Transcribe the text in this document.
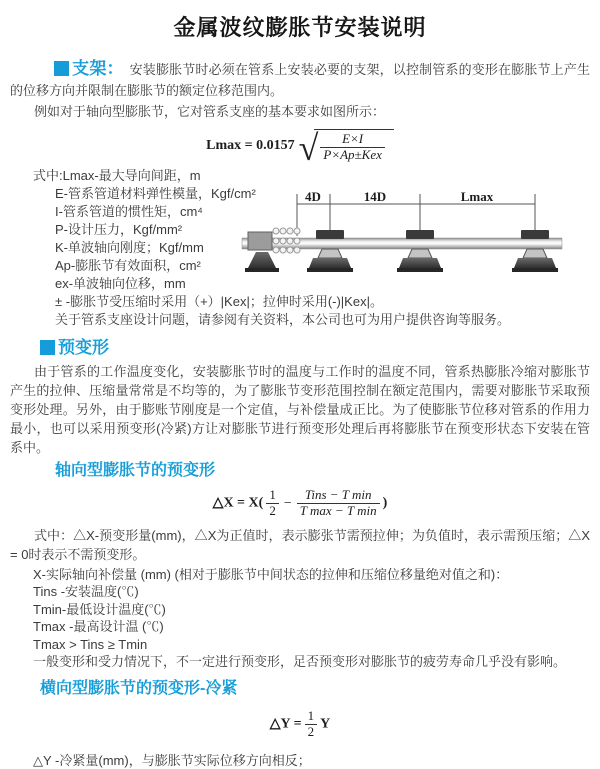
金属波纹膨胀节安装说明

支架： 安装膨胀节时必须在管系上安装必要的支架，以控制管系的变形在膨胀节上产生的位移方向并限制在膨胀节的额定位移范围内。

例如对于轴向型膨胀节，它对管系支座的基本要求如图所示：

Lmax = 0.0157 √ $\frac{E\times I}{\text{P×Ap±Kex}}$
式中:Lmax-最大导向间距，m
E-管系管道材料弹性模量，Kgf/cm²
I-管系管道的惯性矩，cm⁴
P-设计压力，Kgf/mm²
K-单波轴向刚度；Kgf/mm
Ap-膨胀节有效面积，cm²
ex-单波轴向位移，mm
± -膨胀节受压缩时采用（+）|Kex|；拉伸时采用(-)|Kex|。
关于管系支座设计问题，请参阅有关资料，本公司也可为用户提供咨询等服务。
4D	14D	Lmax
预变形

由于管系的工作温度变化，安装膨胀节时的温度与工作时的温度不同，管系热膨胀冷缩对膨胀节产生的拉伸、压缩量常常是不均等的，为了膨胀节变形范围控制在额定范围内，需要对膨胀节采取预变形处理。另外，由于膨账节刚度是一个定值，与补偿量成正比。为了使膨胀节位移对管系的作用力最小，也可以采用预变形(冷紧)方让对膨胀节进行预变形处理后再将膨胀节在预变形状态下安装在管系中。

轴向型膨胀节的预变形
△X = $X( \frac{1}{2} - \frac{\text{Tins − T min}}{\text{T max − T min}}$ )

式中：△X-预变形量(mm)，△X为正值时，表示膨张节需预拉伸；为负值时，表示需预压缩；△X = 0时表示不需预变形。

X-实际轴向补偿量 (mm) (相对于膨胀节中间状态的拉伸和压缩位移量绝对值之和)：
Tins -安装温度(℃)
Tmin-最低设计温度(℃)
Tmax -最高设计温 (℃)
Tmax > Tins ≥ Tmin
一般变形和受力情况下，不一定进行预变形，足否预变形对膨胀节的疲劳寿命几乎没有影响。
横向型膨胀节的预变形-冷紧
△Y = $\frac{1}{2}$ Y
△Y -冷紧量(mm)，与膨胀节实际位移方向相反；
